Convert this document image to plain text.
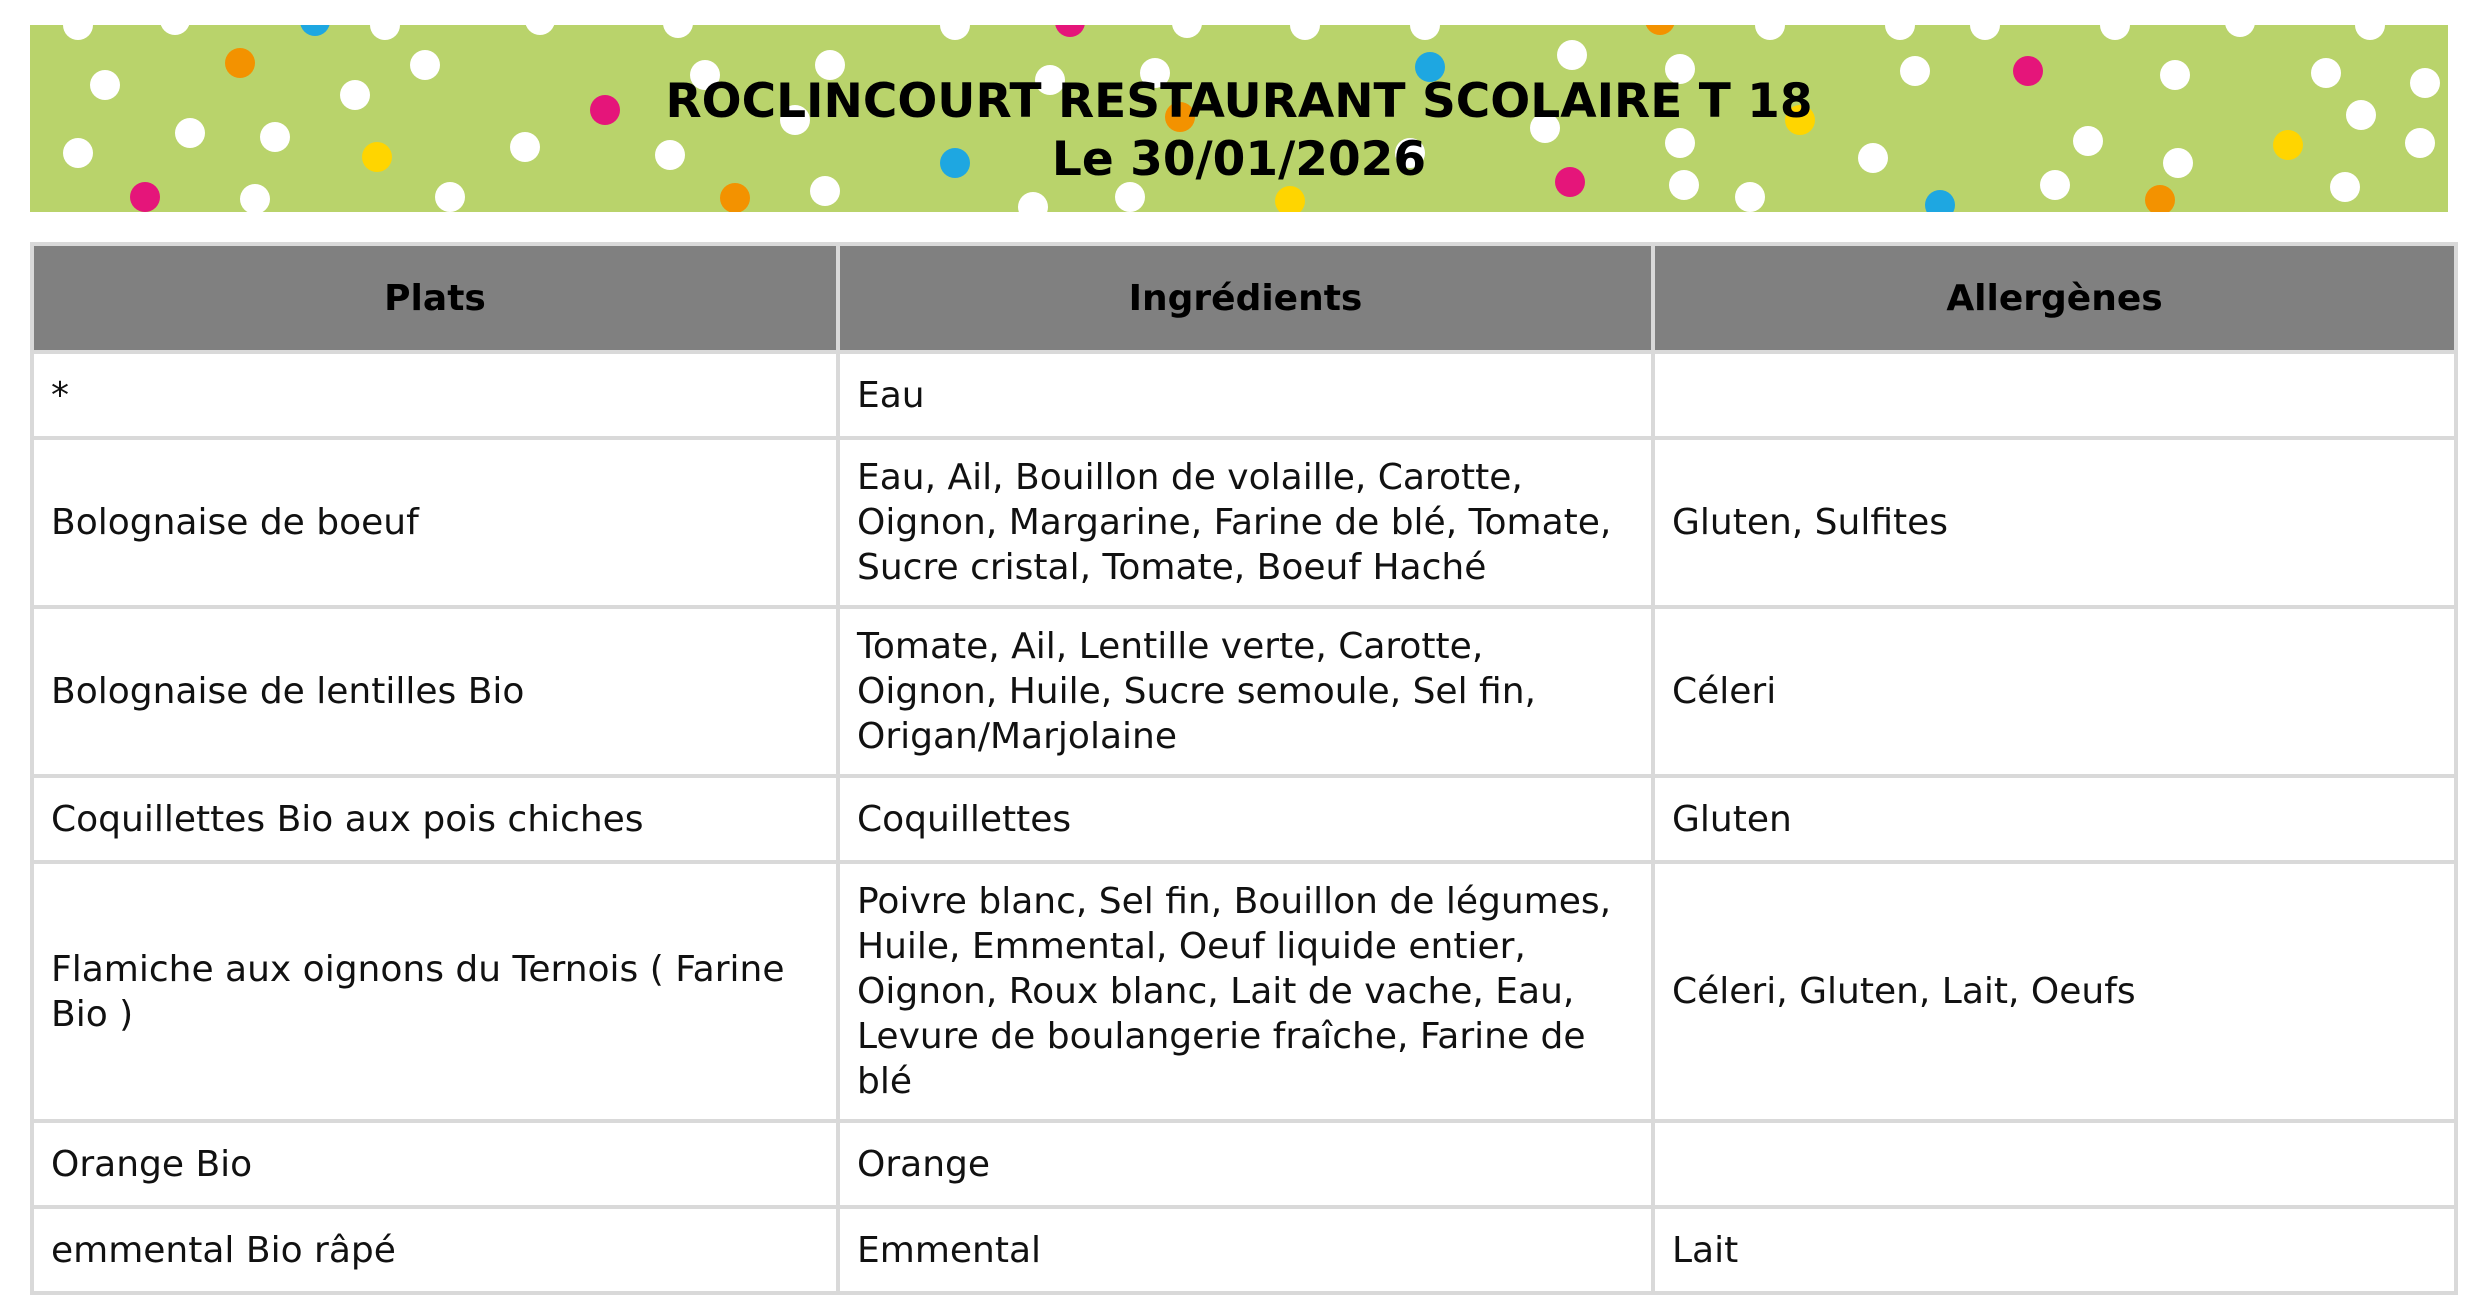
ROCLINCOURT RESTAURANT SCOLAIRE T 18
Le 30/01/2026
Plats	Ingrédients	Allergènes
*	Eau	
Bolognaise de boeuf	Eau, Ail, Bouillon de volaille, Carotte, Oignon, Margarine, Farine de blé, Tomate, Sucre cristal, Tomate, Boeuf Haché	Gluten, Sulfites
Bolognaise de lentilles Bio	Tomate, Ail, Lentille verte, Carotte, Oignon, Huile, Sucre semoule, Sel fin, Origan/Marjolaine	Céleri
Coquillettes Bio aux pois chiches	Coquillettes	Gluten
Flamiche aux oignons du Ternois ( Farine Bio )	Poivre blanc, Sel fin, Bouillon de légumes, Huile, Emmental, Oeuf liquide entier, Oignon, Roux blanc, Lait de vache, Eau, Levure de boulangerie fraîche, Farine de blé	Céleri, Gluten, Lait, Oeufs
Orange Bio	Orange	
emmental Bio râpé	Emmental	Lait
